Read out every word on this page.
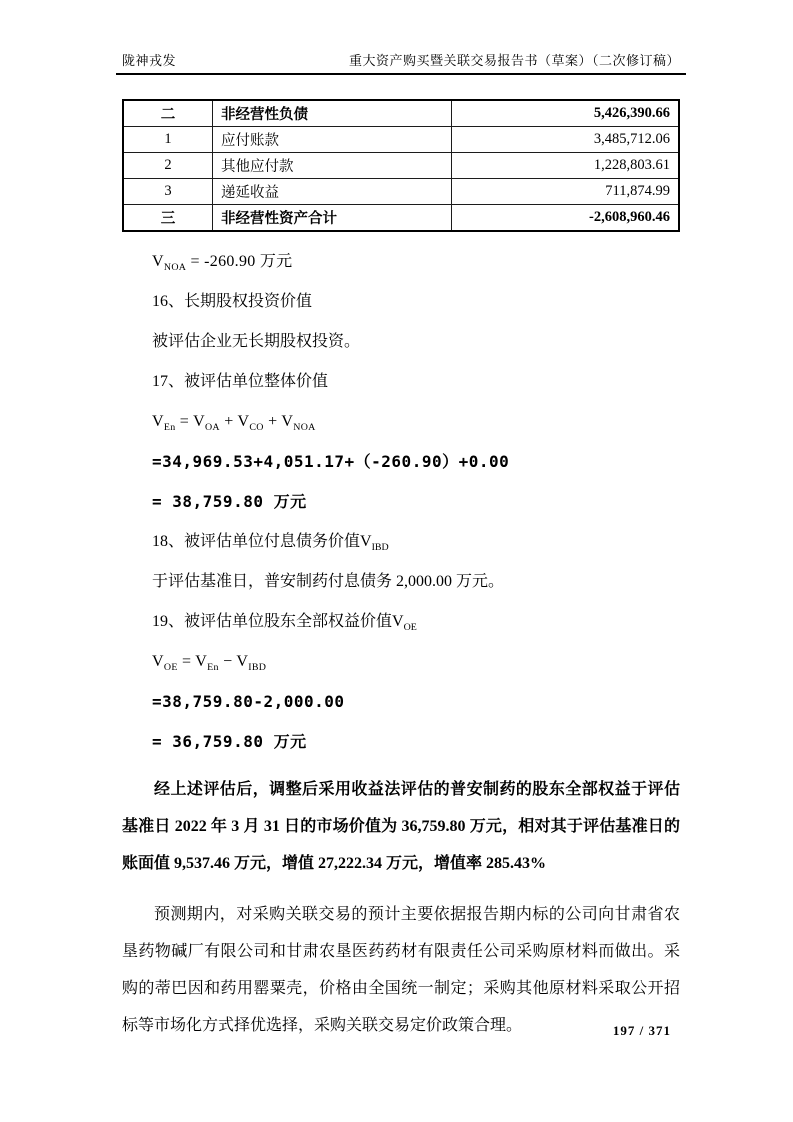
陇神戎发	重大资产购买暨关联交易报告书（草案）（二次修订稿）
二	非经营性负债	5,426,390.66
1	应付账款	3,485,712.06
2	其他应付款	1,228,803.61
3	递延收益	711,874.99
三	非经营性资产合计	-2,608,960.46
$V_{NOA} = -260.90$ 万元
16、长期股权投资价值
被评估企业无长期股权投资。
17、被评估单位整体价值
$V_{En} = V_{OA} + V_{CO} + V_{NOA}$
=34,969.53+4,051.17+（-260.90）+0.00
= 38,759.80 万元
18、被评估单位付息债务价值$V_{IBD}$
于评估基准日，普安制药付息债务 2,000.00 万元。
19、被评估单位股东全部权益价值$V_{OE}$
$V_{OE} = V_{En} - V_{IBD}$
=38,759.80-2,000.00
= 36,759.80 万元

经上述评估后，调整后采用收益法评估的普安制药的股东全部权益于评估基准日 2022 年 3 月 31 日的市场价值为 36,759.80 万元，相对其于评估基准日的账面值 9,537.46 万元，增值 27,222.34 万元，增值率 285.43%

预测期内，对采购关联交易的预计主要依据报告期内标的公司向甘肃省农垦药物碱厂有限公司和甘肃农垦医药药材有限责任公司采购原材料而做出。采购的蒂巴因和药用罂粟壳，价格由全国统一制定；采购其他原材料采取公开招标等市场化方式择优选择，采购关联交易定价政策合理。	197 / 371
